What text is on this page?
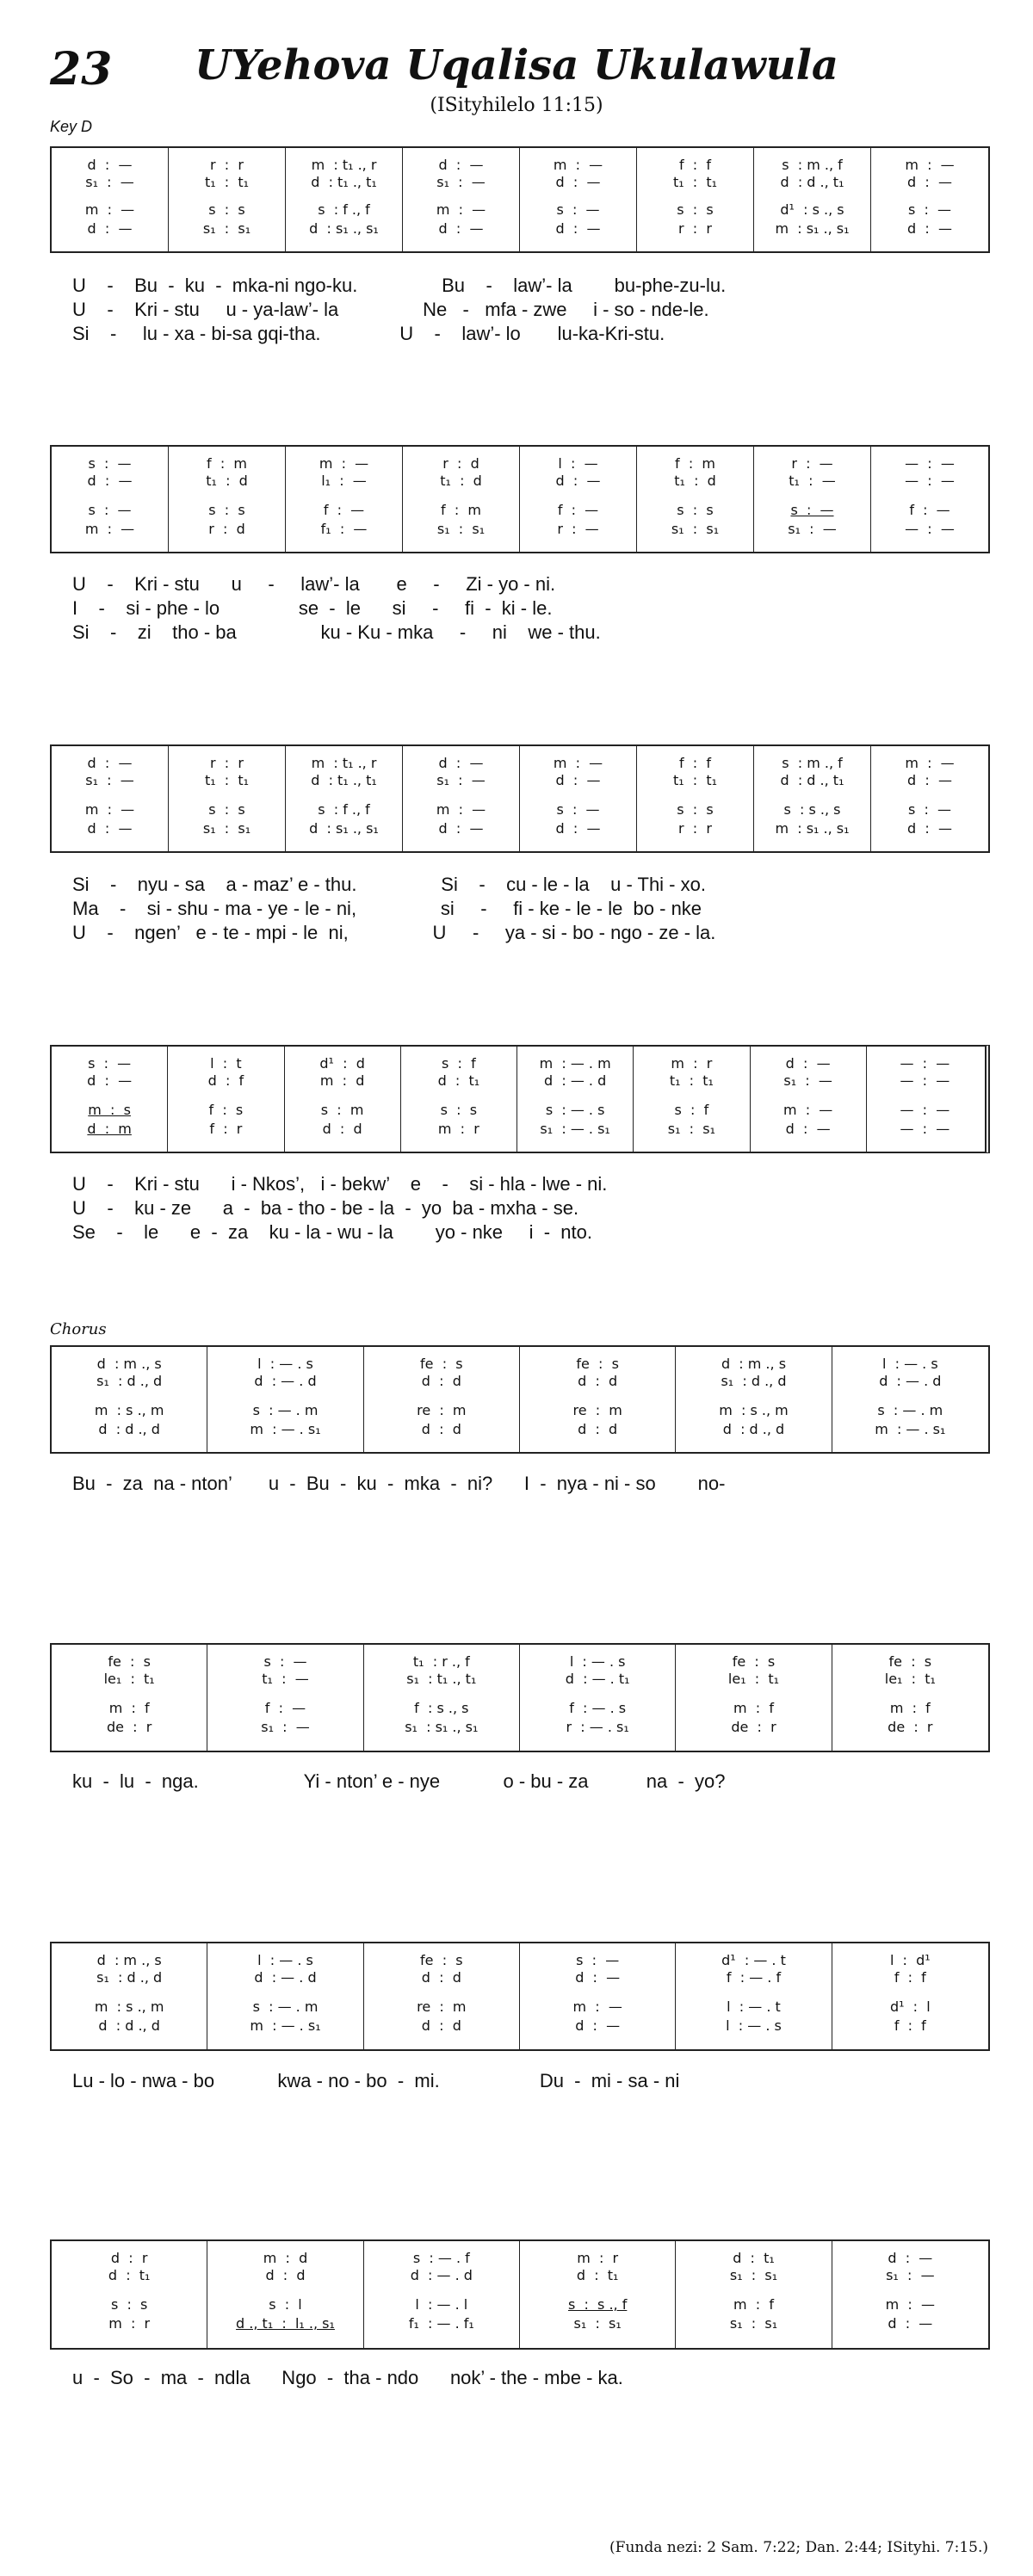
23	UYehova Uqalisa Ukulawula
(ISityhilelo 11:15)
Key D
Chorus
(Funda nezi: 2 Sam. 7:22; Dan. 2:44; ISityhi. 7:15.)
d  :  —
s₁  :  —
m  :  —
d  :  —
r  :  r
t₁  :  t₁
s  :  s
s₁  :  s₁
m  : t₁ ., r
d  : t₁ ., t₁
s  : f ., f
d  : s₁ ., s₁
d  :  —
s₁  :  —
m  :  —
d  :  —
m  :  —
d  :  —
s  :  —
d  :  —
f  :  f
t₁  :  t₁
s  :  s
r  :  r
s  : m ., f
d  : d ., t₁
d¹  : s ., s
m  : s₁ ., s₁
m  :  —
d  :  —
s  :  —
d  :  —
U    -    Bu  -  ku  -  mka-ni ngo-ku.                Bu    -    law’- la        bu-phe-zu-lu.
U    -    Kri - stu     u - ya-law’- la                Ne   -   mfa - zwe     i - so - nde-le.
Si    -     lu - xa - bi-sa gqi-tha.               U    -    law’- lo       lu-ka-Kri-stu.
s  :  —
d  :  —
s  :  —
m  :  —
f  :  m
t₁  :  d
s  :  s
r  :  d
m  :  —
l₁  :  —
f  :  —
f₁  :  —
r  :  d
t₁  :  d
f  :  m
s₁  :  s₁
l  :  —
d  :  —
f  :  —
r  :  —
f  :  m
t₁  :  d
s  :  s
s₁  :  s₁
r  :  —
t₁  :  —
s  :  —
s₁  :  —
—  :  —
—  :  —
f  :  —
—  :  —
U    -    Kri - stu      u     -     law’- la       e     -     Zi - yo - ni.
I    -    si - phe - lo               se  -  le      si     -     fi  -  ki - le.
Si    -    zi    tho - ba                ku - Ku - mka     -     ni    we - thu.
d  :  —
s₁  :  —
m  :  —
d  :  —
r  :  r
t₁  :  t₁
s  :  s
s₁  :  s₁
m  : t₁ ., r
d  : t₁ ., t₁
s  : f ., f
d  : s₁ ., s₁
d  :  —
s₁  :  —
m  :  —
d  :  —
m  :  —
d  :  —
s  :  —
d  :  —
f  :  f
t₁  :  t₁
s  :  s
r  :  r
s  : m ., f
d  : d ., t₁
s  : s ., s
m  : s₁ ., s₁
m  :  —
d  :  —
s  :  —
d  :  —
Si    -    nyu - sa    a - maz’ e - thu.                Si    -    cu - le - la    u - Thi - xo.
Ma    -    si - shu - ma - ye - le - ni,                si     -     fi - ke - le - le  bo - nke
U    -    ngen’   e - te - mpi - le  ni,                U     -     ya - si - bo - ngo - ze - la.
s  :  —
d  :  —
m  :  s
d  :  m
l  :  t
d  :  f
f  :  s
f  :  r
d¹  :  d
m  :  d
s  :  m
d  :  d
s  :  f
d  :  t₁
s  :  s
m  :  r
m  : — . m
d  : — . d
s  : — . s
s₁  : — . s₁
m  :  r
t₁  :  t₁
s  :  f
s₁  :  s₁
d  :  —
s₁  :  —
m  :  —
d  :  —
—  :  —
—  :  —
—  :  —
—  :  —
U    -    Kri - stu      i - Nkos’,   i - bekw’    e    -    si - hla - lwe - ni.
U    -    ku - ze      a  -  ba - tho - be - la  -  yo  ba - mxha - se.
Se    -    le      e  -  za    ku - la - wu - la        yo - nke     i  -  nto.
d  : m ., s
s₁  : d ., d
m  : s ., m
d  : d ., d
l  : — . s
d  : — . d
s  : — . m
m  : — . s₁
fe  :  s
d  :  d
re  :  m
d  :  d
fe  :  s
d  :  d
re  :  m
d  :  d
d  : m ., s
s₁  : d ., d
m  : s ., m
d  : d ., d
l  : — . s
d  : — . d
s  : — . m
m  : — . s₁
Bu  -  za  na - nton’       u  -  Bu  -  ku  -  mka  -  ni?      I  -  nya - ni - so        no-
fe  :  s
le₁  :  t₁
m  :  f
de  :  r
s  :  —
t₁  :  —
f  :  —
s₁  :  —
t₁  : r ., f
s₁  : t₁ ., t₁
f  : s ., s
s₁  : s₁ ., s₁
l  : — . s
d  : — . t₁
f  : — . s
r  : — . s₁
fe  :  s
le₁  :  t₁
m  :  f
de  :  r
fe  :  s
le₁  :  t₁
m  :  f
de  :  r
ku  -  lu  -  nga.                    Yi - nton’ e - nye            o - bu - za           na  -  yo?
d  : m ., s
s₁  : d ., d
m  : s ., m
d  : d ., d
l  : — . s
d  : — . d
s  : — . m
m  : — . s₁
fe  :  s
d  :  d
re  :  m
d  :  d
s  :  —
d  :  —
m  :  —
d  :  —
d¹  : — . t
f  : — . f
l  : — . t
l  : — . s
l  :  d¹
f  :  f
d¹  :  l
f  :  f
Lu - lo - nwa - bo            kwa - no - bo  -  mi.                   Du  -  mi - sa - ni
d  :  r
d  :  t₁
s  :  s
m  :  r
m  :  d
d  :  d
s  :  l
d ., t₁  :  l₁ ., s₁
s  : — . f
d  : — . d
l  : — . l
f₁  : — . f₁
m  :  r
d  :  t₁
s  :  s ., f
s₁  :  s₁
d  :  t₁
s₁  :  s₁
m  :  f
s₁  :  s₁
d  :  —
s₁  :  —
m  :  —
d  :  —
u  -  So  -  ma  -  ndla      Ngo  -  tha - ndo      nok’ - the - mbe - ka.
